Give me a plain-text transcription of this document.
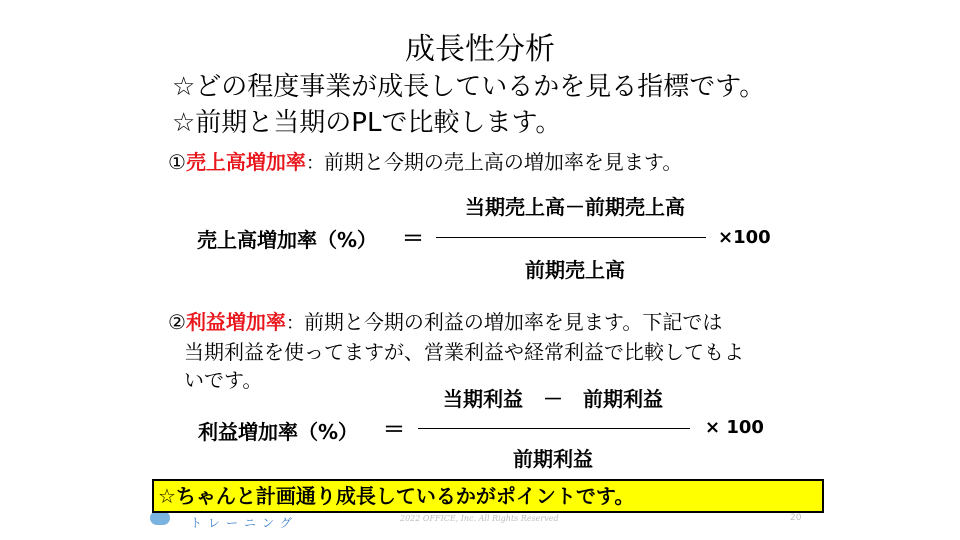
成長性分析
☆どの程度事業が成長しているかを見る指標です。
☆前期と当期のPLで比較します。
①売上高増加率：前期と今期の売上高の増加率を見ます。
売上高増加率（%） ＝
当期売上高－前期売上高
前期売上高
×100
②利益増加率：前期と今期の利益の増加率を見ます。下記では
当期利益を使ってますが、営業利益や経常利益で比較してもよ
いです。
利益増加率（%） ＝
当期利益　－　前期利益
前期利益
× 100
トレーニング	2022 OFFICE, Inc. All Rights Reserved	20
☆ちゃんと計画通り成長しているかがポイントです。
